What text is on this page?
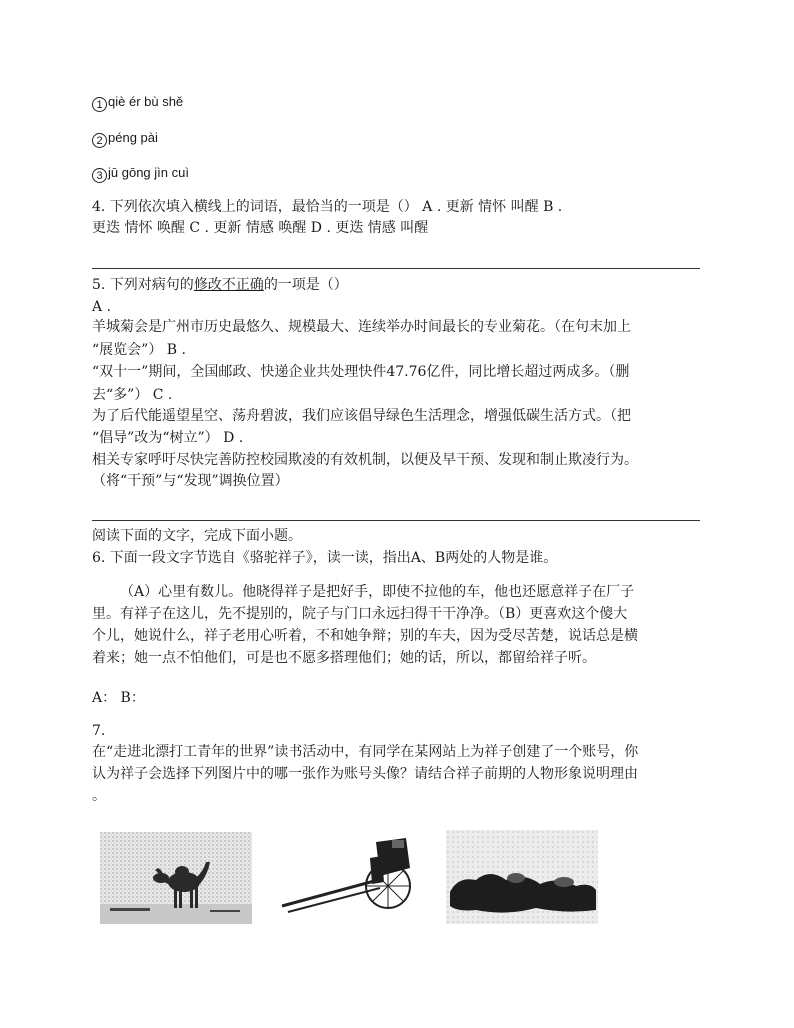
1 qiè ér bù shě
2 péng pài
3 jū gōng jìn cuì
4. 下列依次填入横线上的词语，最恰当的一项是（） A . 更新 情怀 叫醒 B .
更迭 情怀 唤醒 C . 更新 情感 唤醒 D . 更迭 情感 叫醒
5. 下列对病句的修改不正确的一项是（）
A .
羊城菊会是广州市历史最悠久、规模最大、连续举办时间最长的专业菊花。（在句末加上
“展览会”） B .
“双十一”期间，全国邮政、快递企业共处理快件47.76亿件，同比增长超过两成多。（删
去“多”） C .
为了后代能遥望星空、荡舟碧波，我们应该倡导绿色生活理念，增强低碳生活方式。（把
“倡导”改为“树立”） D .
相关专家呼吁尽快完善防控校园欺凌的有效机制，以便及早干预、发现和制止欺凌行为。
（将“干预”与“发现”调换位置）
阅读下面的文字，完成下面小题。
6. 下面一段文字节选自《骆驼祥子》，读一读，指出A、B两处的人物是谁。
（A）心里有数儿。他晓得祥子是把好手，即使不拉他的车，他也还愿意祥子在厂子
里。有祥子在这儿，先不提别的，院子与门口永远扫得干干净净。（B）更喜欢这个傻大
个儿，她说什么，祥子老用心听着，不和她争辩；别的车夫，因为受尽苦楚，说话总是横
着来；她一点不怕他们，可是也不愿多搭理他们；她的话，所以，都留给祥子听。
A： B：
7.
在“走进北漂打工青年的世界”读书活动中，有同学在某网站上为祥子创建了一个账号，你
认为祥子会选择下列图片中的哪一张作为账号头像？请结合祥子前期的人物形象说明理由
。
